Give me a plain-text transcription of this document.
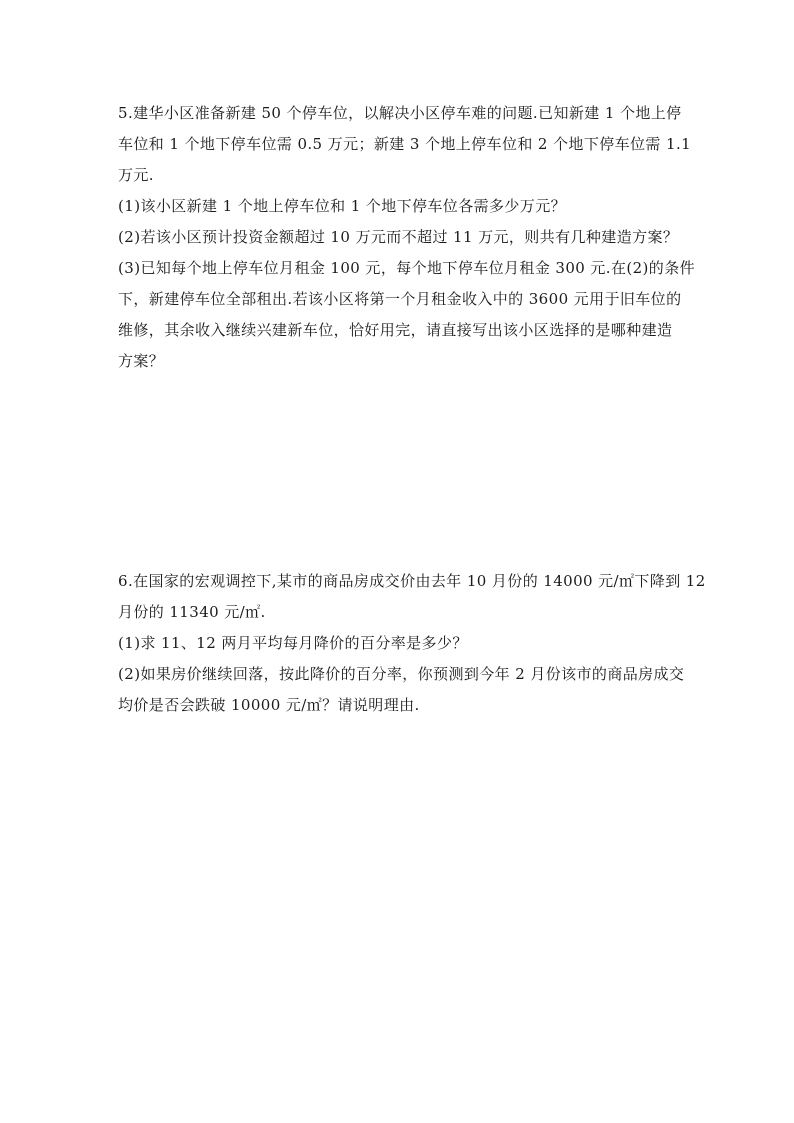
5.建华小区准备新建 50 个停车位，以解决小区停车难的问题.已知新建 1 个地上停
车位和 1 个地下停车位需 0.5 万元；新建 3 个地上停车位和 2 个地下停车位需 1.1
万元.
(1)该小区新建 1 个地上停车位和 1 个地下停车位各需多少万元？
(2)若该小区预计投资金额超过 10 万元而不超过 11 万元，则共有几种建造方案？
(3)已知每个地上停车位月租金 100 元，每个地下停车位月租金 300 元.在(2)的条件
下，新建停车位全部租出.若该小区将第一个月租金收入中的 3600 元用于旧车位的
维修，其余收入继续兴建新车位，恰好用完，请直接写出该小区选择的是哪种建造
方案？
6.在国家的宏观调控下,某市的商品房成交价由去年 10 月份的 14000 元/㎡下降到 12
月份的 11340 元/㎡.
(1)求 11、12 两月平均每月降价的百分率是多少？
(2)如果房价继续回落，按此降价的百分率，你预测到今年 2 月份该市的商品房成交
均价是否会跌破 10000 元/㎡？请说明理由.
